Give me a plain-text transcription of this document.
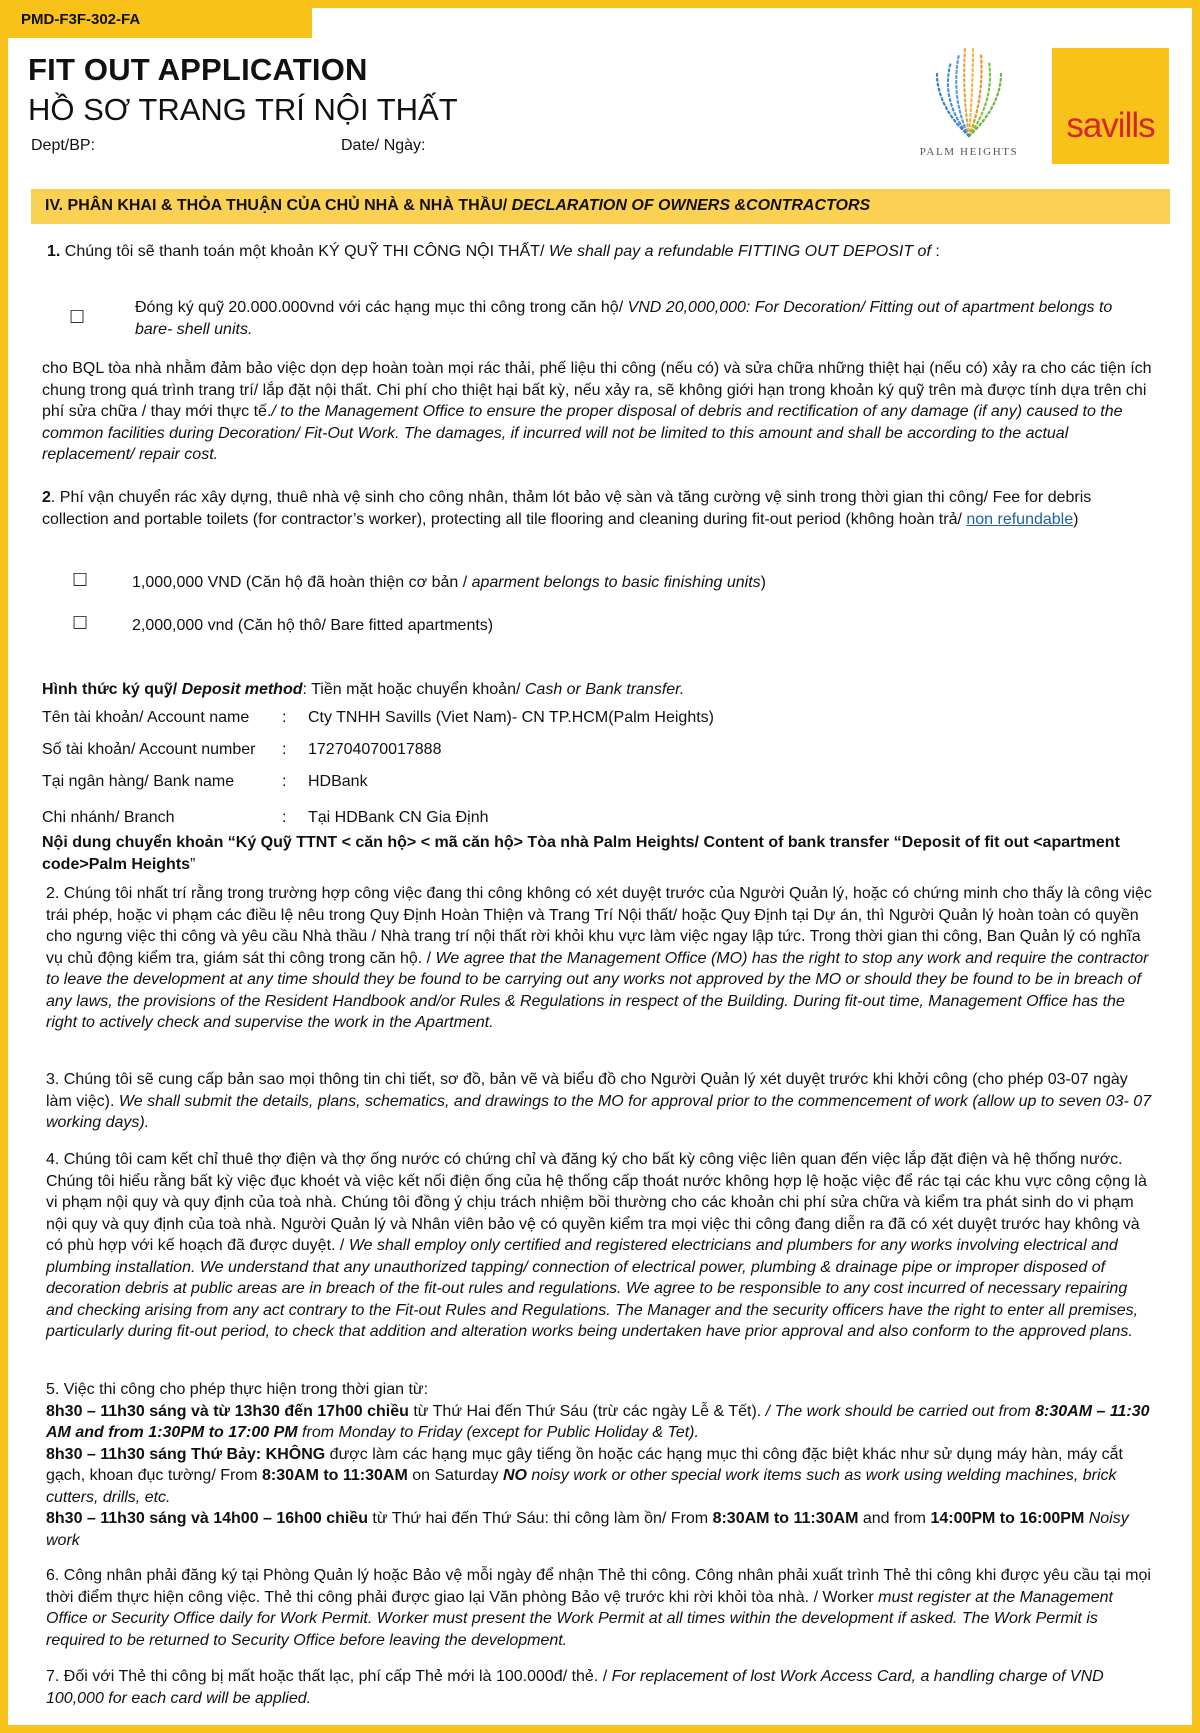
PMD-F3F-302-FA
FIT OUT APPLICATION
HỒ SƠ TRANG TRÍ NỘI THẤT
Dept/BP:	Date/ Ngày:	PALM HEIGHTS
savills
IV. PHÂN KHAI & THỎA THUẬN CỦA CHỦ NHÀ & NHÀ THẦU/ DECLARATION OF OWNERS &CONTRACTORS
1. Chúng tôi sẽ thanh toán một khoản KÝ QUỸ THI CÔNG NỘI THẤT/ We shall pay a refundable FITTING OUT DEPOSIT of :
☐	Đóng ký quỹ 20.000.000vnd với các hạng mục thi công trong căn hộ/ VND 20,000,000: For Decoration/ Fitting out of apartment belongs to bare- shell units.
cho BQL tòa nhà nhằm đảm bảo việc dọn dẹp hoàn toàn mọi rác thải, phế liệu thi công (nếu có) và sửa chữa những thiệt hại (nếu có) xảy ra cho các tiện ích chung trong quá trình trang trí/ lắp đặt nội thất. Chi phí cho thiệt hại bất kỳ, nếu xảy ra, sẽ không giới hạn trong khoản ký quỹ trên mà được tính dựa trên chi phí sửa chữa / thay mới thực tế./ to the Management Office to ensure the proper disposal of debris and rectification of any damage (if any) caused to the common facilities during Decoration/ Fit-Out Work. The damages, if incurred will not be limited to this amount and shall be according to the actual replacement/ repair cost.
2. Phí vận chuyển rác xây dựng, thuê nhà vệ sinh cho công nhân, thảm lót bảo vệ sàn và tăng cường vệ sinh trong thời gian thi công/ Fee for debris collection and portable toilets (for contractor’s worker), protecting all tile flooring and cleaning during fit-out period (không hoàn trả/ non refundable)
☐	1,000,000 VND (Căn hộ đã hoàn thiện cơ bản / aparment belongs to basic finishing units)
☐	2,000,000 vnd (Căn hộ thô/ Bare fitted apartments)
Hình thức ký quỹ/ Deposit method: Tiền mặt hoặc chuyển khoản/ Cash or Bank transfer.
Tên tài khoản/ Account name : Cty TNHH Savills (Viet Nam)- CN TP.HCM(Palm Heights)
Số tài khoản/ Account number : 172704070017888
Tại ngân hàng/ Bank name	: HDBank
Chi nhánh/ Branch	: Tại HDBank CN Gia Định
Nội dung chuyển khoản “Ký Quỹ TTNT < căn hộ> < mã căn hộ> Tòa nhà Palm Heights/ Content of bank transfer “Deposit of fit out <apartment code>Palm Heights”
2. Chúng tôi nhất trí rằng trong trường hợp công việc đang thi công không có xét duyệt trước của Người Quản lý, hoặc có chứng minh cho thấy là công việc trái phép, hoặc vi phạm các điều lệ nêu trong Quy Định Hoàn Thiện và Trang Trí Nội thất/ hoặc Quy Định tại Dự án, thì Người Quản lý hoàn toàn có quyền cho ngưng việc thi công và yêu cầu Nhà thầu / Nhà trang trí nội thất rời khỏi khu vực làm việc ngay lập tức. Trong thời gian thi công, Ban Quản lý có nghĩa vụ chủ động kiểm tra, giám sát thi công trong căn hộ. / We agree that the Management Office (MO) has the right to stop any work and require the contractor to leave the development at any time should they be found to be carrying out any works not approved by the MO or should they be found to be in breach of any laws, the provisions of the Resident Handbook and/or Rules & Regulations in respect of the Building. During fit-out time, Management Office has the right to actively check and supervise the work in the Apartment.
3. Chúng tôi sẽ cung cấp bản sao mọi thông tin chi tiết, sơ đồ, bản vẽ và biểu đồ cho Người Quản lý xét duyệt trước khi khởi công (cho phép 03-07 ngày làm việc). We shall submit the details, plans, schematics, and drawings to the MO for approval prior to the commencement of work (allow up to seven 03- 07 working days).
4. Chúng tôi cam kết chỉ thuê thợ điện và thợ ống nước có chứng chỉ và đăng ký cho bất kỳ công việc liên quan đến việc lắp đặt điện và hệ thống nước. Chúng tôi hiểu rằng bất kỳ việc đục khoét và việc kết nối điện ống của hệ thống cấp thoát nước không hợp lệ hoặc việc để rác tại các khu vực công cộng là vi phạm nội quy và quy định của toà nhà. Chúng tôi đồng ý chịu trách nhiệm bồi thường cho các khoản chi phí sửa chữa và kiểm tra phát sinh do vi phạm nội quy và quy định của toà nhà. Người Quản lý và Nhân viên bảo vệ có quyền kiểm tra mọi việc thi công đang diễn ra đã có xét duyệt trước hay không và có phù hợp với kế hoạch đã được duyệt. / We shall employ only certified and registered electricians and plumbers for any works involving electrical and plumbing installation. We understand that any unauthorized tapping/ connection of electrical power, plumbing & drainage pipe or improper disposed of decoration debris at public areas are in breach of the fit-out rules and regulations. We agree to be responsible to any cost incurred of necessary repairing and checking arising from any act contrary to the Fit-out Rules and Regulations. The Manager and the security officers have the right to enter all premises, particularly during fit-out period, to check that addition and alteration works being undertaken have prior approval and also conform to the approved plans.
5. Việc thi công cho phép thực hiện trong thời gian từ:
8h30 – 11h30 sáng và từ 13h30 đến 17h00 chiều từ Thứ Hai đến Thứ Sáu (trừ các ngày Lễ & Tết). / The work should be carried out from 8:30AM – 11:30 AM and from 1:30PM to 17:00 PM from Monday to Friday (except for Public Holiday & Tet).
8h30 – 11h30 sáng Thứ Bảy: KHÔNG được làm các hạng mục gây tiếng ồn hoặc các hạng mục thi công đặc biệt khác như sử dụng máy hàn, máy cắt gạch, khoan đục tường/ From 8:30AM to 11:30AM on Saturday NO noisy work or other special work items such as work using welding machines, brick cutters, drills, etc.
8h30 – 11h30 sáng và 14h00 – 16h00 chiều từ Thứ hai đến Thứ Sáu: thi công làm ồn/ From 8:30AM to 11:30AM and from 14:00PM to 16:00PM Noisy work
6. Công nhân phải đăng ký tại Phòng Quản lý hoặc Bảo vệ mỗi ngày để nhận Thẻ thi công. Công nhân phải xuất trình Thẻ thi công khi được yêu cầu tại mọi thời điểm thực hiện công việc. Thẻ thi công phải được giao lại Văn phòng Bảo vệ trước khi rời khỏi tòa nhà. / Worker must register at the Management Office or Security Office daily for Work Permit. Worker must present the Work Permit at all times within the development if asked. The Work Permit is required to be returned to Security Office before leaving the development.
7. Đối với Thẻ thi công bị mất hoặc thất lạc, phí cấp Thẻ mới là 100.000đ/ thẻ. / For replacement of lost Work Access Card, a handling charge of VND 100,000 for each card will be applied.
